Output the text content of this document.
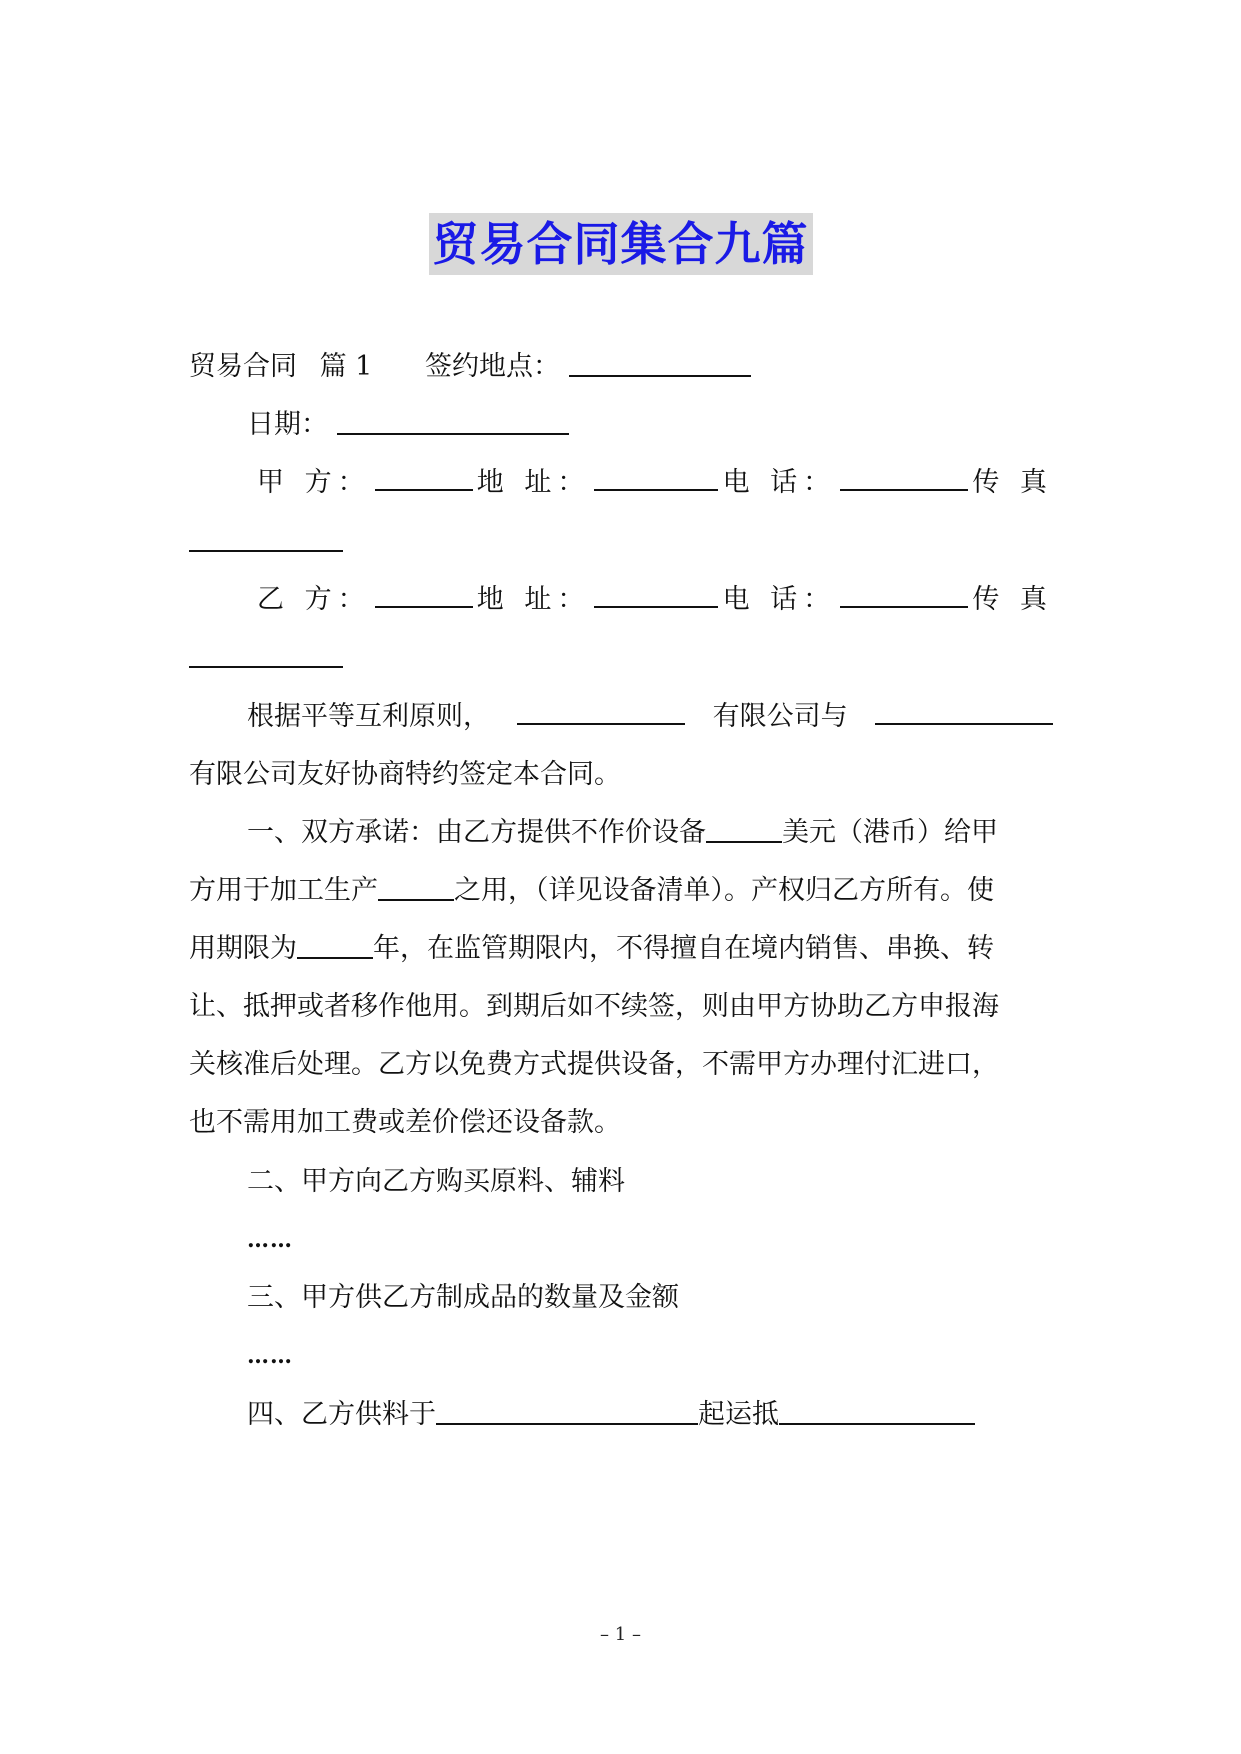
贸易合同集合九篇
贸易合同 篇 1 签约地点：
日期：
甲 方：	地 址：	电 话：	传 真
乙 方：	地 址：	电 话：	传 真
根据平等互利原则，	有限公司与
有限公司友好协商特约签定本合同。
一、双方承诺：由乙方提供不作价设备	美元（港币）给甲
方用于加工生产	之用，（详见设备清单）。产权归乙方所有。使
用期限为	年，在监管期限内，不得擅自在境内销售、串换、转
让、抵押或者移作他用。到期后如不续签，则由甲方协助乙方申报海
关核准后处理。乙方以免费方式提供设备，不需甲方办理付汇进口，
也不需用加工费或差价偿还设备款。
二、甲方向乙方购买原料、辅料
……
三、甲方供乙方制成品的数量及金额
……
四、乙方供料于	起运抵
– 1 –
